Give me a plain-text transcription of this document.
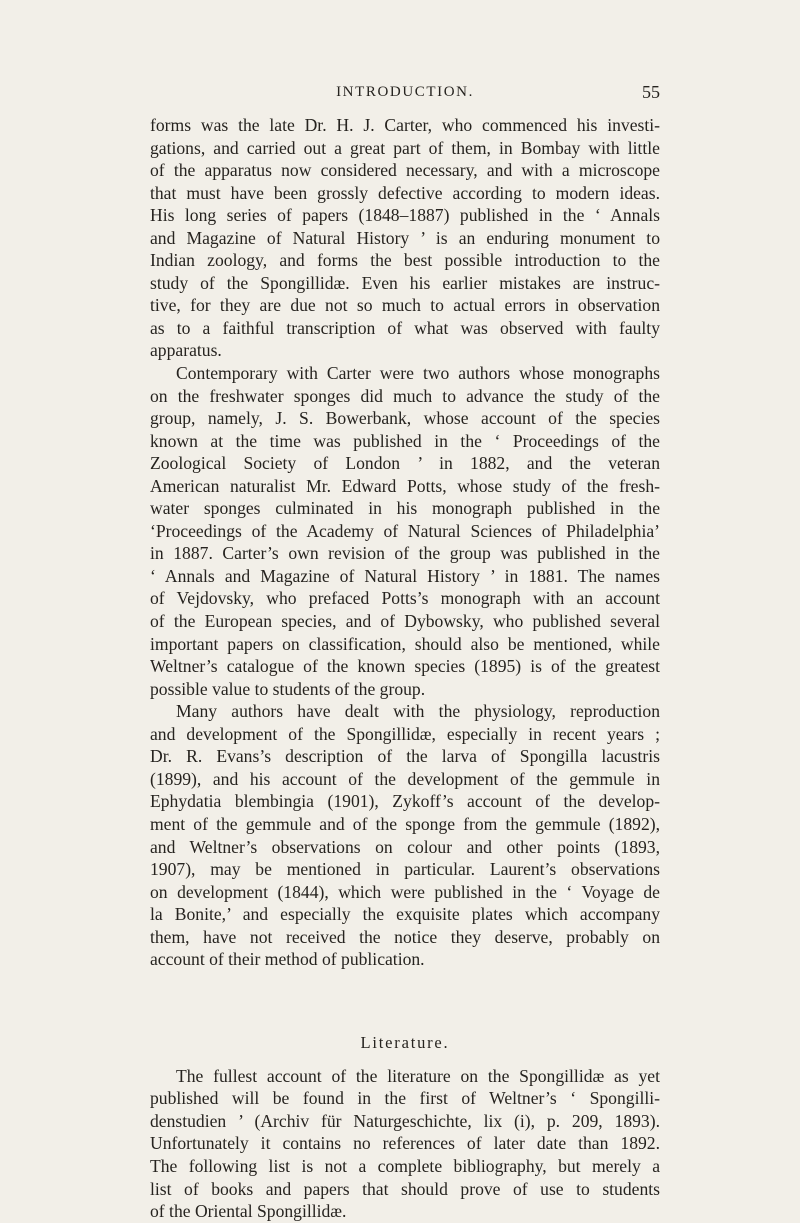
INTRODUCTION.	55
forms was the late Dr. H. J. Carter, who commenced his investi-
gations, and carried out a great part of them, in Bombay with little
of the apparatus now considered necessary, and with a microscope
that must have been grossly defective according to modern ideas.
His long series of papers (1848–1887) published in the ‘ Annals
and Magazine of Natural History ’ is an enduring monument to
Indian zoology, and forms the best possible introduction to the
study of the Spongillidæ. Even his earlier mistakes are instruc-
tive, for they are due not so much to actual errors in observation
as to a faithful transcription of what was observed with faulty
apparatus.
Contemporary with Carter were two authors whose monographs
on the freshwater sponges did much to advance the study of the
group, namely, J. S. Bowerbank, whose account of the species
known at the time was published in the ‘ Proceedings of the
Zoological Society of London ’ in 1882, and the veteran
American naturalist Mr. Edward Potts, whose study of the fresh-
water sponges culminated in his monograph published in the
‘Proceedings of the Academy of Natural Sciences of Philadelphia’
in 1887. Carter’s own revision of the group was published in the
‘ Annals and Magazine of Natural History ’ in 1881. The names
of Vejdovsky, who prefaced Potts’s monograph with an account
of the European species, and of Dybowsky, who published several
important papers on classification, should also be mentioned, while
Weltner’s catalogue of the known species (1895) is of the greatest
possible value to students of the group.
Many authors have dealt with the physiology, reproduction
and development of the Spongillidæ, especially in recent years ;
Dr. R. Evans’s description of the larva of Spongilla lacustris
(1899), and his account of the development of the gemmule in
Ephydatia blembingia (1901), Zykoff’s account of the develop-
ment of the gemmule and of the sponge from the gemmule (1892),
and Weltner’s observations on colour and other points (1893,
1907), may be mentioned in particular. Laurent’s observations
on development (1844), which were published in the ‘ Voyage de
la Bonite,’ and especially the exquisite plates which accompany
them, have not received the notice they deserve, probably on
account of their method of publication.
Literature.
The fullest account of the literature on the Spongillidæ as yet
published will be found in the first of Weltner’s ‘ Spongilli-
denstudien ’ (Archiv für Naturgeschichte, lix (i), p. 209, 1893).
Unfortunately it contains no references of later date than 1892.
The following list is not a complete bibliography, but merely a
list of books and papers that should prove of use to students
of the Oriental Spongillidæ.
